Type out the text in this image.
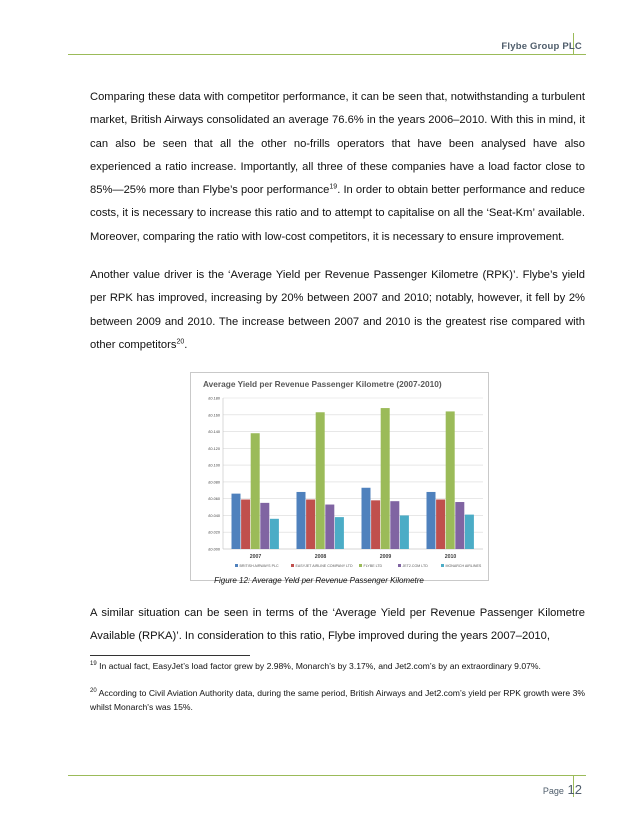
Flybe Group PLC

Comparing these data with competitor performance, it can be seen that, notwithstanding a turbulent market, British Airways consolidated an average 76.6% in the years 2006–2010. With this in mind, it can also be seen that all the other no-frills operators that have been analysed have also experienced a ratio increase. Importantly, all three of these companies have a load factor close to 85%—25% more than Flybe’s poor performance$^{19}$. In order to obtain better performance and reduce costs, it is necessary to increase this ratio and to attempt to capitalise on all the ‘Seat-Km’ available. Moreover, comparing the ratio with low-cost competitors, it is necessary to ensure improvement.

Another value driver is the ‘Average Yield per Revenue Passenger Kilometre (RPK)’. Flybe’s yield per RPK has improved, increasing by 20% between 2007 and 2010; notably, however, it fell by 2% between 2009 and 2010. The increase between 2007 and 2010 is the greatest rise compared with other competitors$^{20}$.

Average Yield per Revenue Passenger Kilometre (2007-2010)
£0.000
£0.020
£0.040
£0.060
£0.080
£0.100
£0.120
£0.140
£0.160
£0.180
2007	2008	2009	2010
BRITISH AIRWAYS PLC	EASYJET AIRLINE COMPANY LTD	FLYBE LTD	JET2.COM LTD	MONARCH AIRLINES
Figure 12: Average Yeld per Revenue Passenger Kilometre

A similar situation can be seen in terms of the ‘Average Yield per Revenue Passenger Kilometre Available (RPKA)’. In consideration to this ratio, Flybe improved during the years 2007–2010,

$^{19}$ In actual fact, EasyJet’s load factor grew by 2.98%, Monarch’s by 3.17%, and Jet2.com’s by an extraordinary 9.07%.

$^{20}$ According to Civil Aviation Authority data, during the same period, British Airways and Jet2.com’s yield per RPK growth were 3% whilst Monarch's was 15%.

Page 12
